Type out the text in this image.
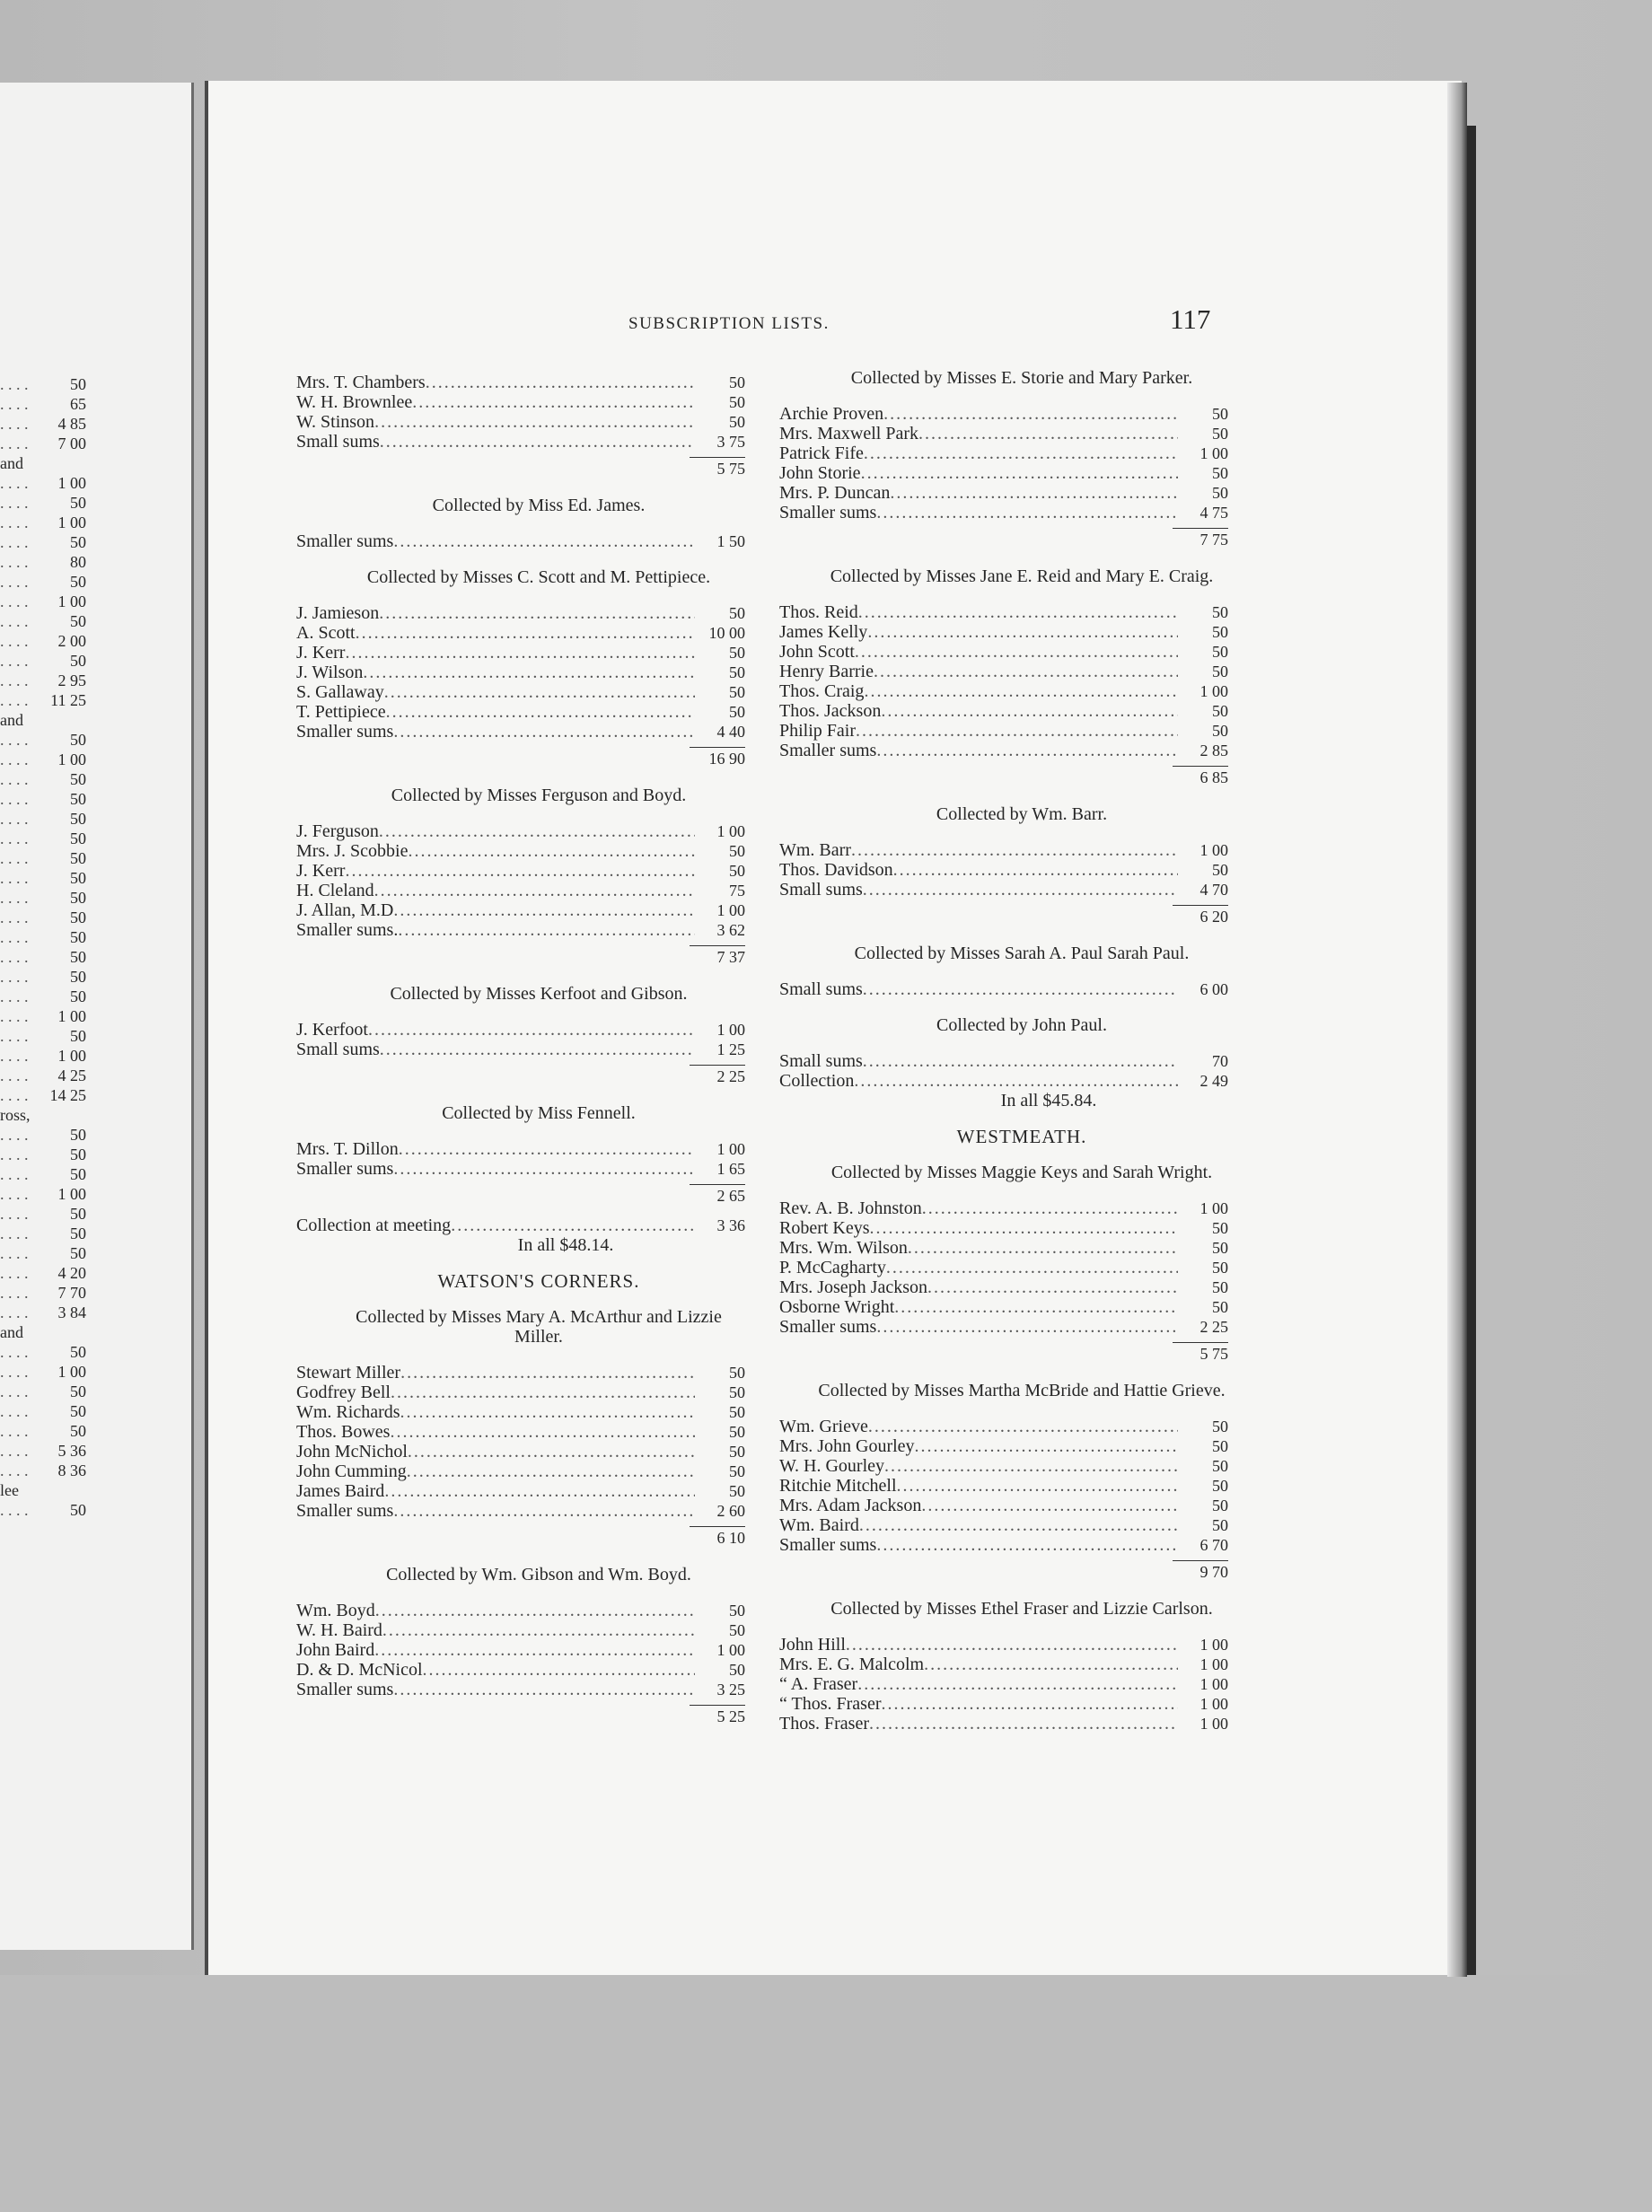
. . . .	50
. . . .	65
. . . .	4 85
. . . .	7 00
and
. . . .	1 00
. . . .	50
. . . .	1 00
. . . .	50
. . . .	80
. . . .	50
. . . .	1 00
. . . .	50
. . . .	2 00
. . . .	50
. . . .	2 95
. . . .	11 25
and
. . . .	50
. . . .	1 00
. . . .	50
. . . .	50
. . . .	50
. . . .	50
. . . .	50
. . . .	50
. . . .	50
. . . .	50
. . . .	50
. . . .	50
. . . .	50
. . . .	50
. . . .	1 00
. . . .	50
. . . .	1 00
. . . .	4 25
. . . .	14 25
ross,
. . . .	50
. . . .	50
. . . .	50
. . . .	1 00
. . . .	50
. . . .	50
. . . .	50
. . . .	4 20
. . . .	7 70
. . . .	3 84
and
. . . .	50
. . . .	1 00
. . . .	50
. . . .	50
. . . .	50
. . . .	5 36
. . . .	8 36
lee
. . . .	50
SUBSCRIPTION LISTS.	117
Mrs. T. Chambers .....	50
W. H. Brownlee .....	50
W. Stinson .....	50
Small sums .....	3 75
5 75
Collected by Miss Ed. James.
Smaller sums .....	1 50
Collected by Misses C. Scott and M. Pettipiece.
J. Jamieson .....	50
A. Scott .....	10 00
J. Kerr .....	50
J. Wilson .....	50
S. Gallaway .....	50
T. Pettipiece .....	50
Smaller sums .....	4 40
16 90
Collected by Misses Ferguson and Boyd.
J. Ferguson .....	1 00
Mrs. J. Scobbie .....	50
J. Kerr .....	50
H. Cleland .....	75
J. Allan, M.D .....	1 00
Smaller sums. .....	3 62
7 37
Collected by Misses Kerfoot and Gibson.
J. Kerfoot .....	1 00
Small sums .....	1 25
2 25
Collected by Miss Fennell.
Mrs. T. Dillon .....	1 00
Smaller sums .....	1 65
2 65
Collection at meeting .....	3 36
In all $48.14.
WATSON'S CORNERS.
Collected by Misses Mary A. McArthur and Lizzie Miller.
Stewart Miller .....	50
Godfrey Bell .....	50
Wm. Richards .....	50
Thos. Bowes .....	50
John McNichol .....	50
John Cumming .....	50
James Baird .....	50
Smaller sums .....	2 60
6 10
Collected by Wm. Gibson and Wm. Boyd.
Wm. Boyd .....	50
W. H. Baird .....	50
John Baird .....	1 00
D. & D. McNicol .....	50
Smaller sums .....	3 25
5 25
Collected by Misses E. Storie and Mary Parker.
Archie Proven .....	50
Mrs. Maxwell Park .....	50
Patrick Fife .....	1 00
John Storie .....	50
Mrs. P. Duncan .....	50
Smaller sums .....	4 75
7 75
Collected by Misses Jane E. Reid and Mary E. Craig.
Thos. Reid .....	50
James Kelly .....	50
John Scott .....	50
Henry Barrie .....	50
Thos. Craig .....	1 00
Thos. Jackson .....	50
Philip Fair .....	50
Smaller sums .....	2 85
6 85
Collected by Wm. Barr.
Wm. Barr .....	1 00
Thos. Davidson .....	50
Small sums .....	4 70
6 20
Collected by Misses Sarah A. Paul Sarah Paul.
Small sums .....	6 00
Collected by John Paul.
Small sums .....	70
Collection .....	2 49
In all $45.84.
WESTMEATH.
Collected by Misses Maggie Keys and Sarah Wright.
Rev. A. B. Johnston .....	1 00
Robert Keys .....	50
Mrs. Wm. Wilson .....	50
P. McCagharty .....	50
Mrs. Joseph Jackson .....	50
Osborne Wright .....	50
Smaller sums .....	2 25
5 75
Collected by Misses Martha McBride and Hattie Grieve.
Wm. Grieve .....	50
Mrs. John Gourley .....	50
W. H. Gourley .....	50
Ritchie Mitchell .....	50
Mrs. Adam Jackson .....	50
Wm. Baird .....	50
Smaller sums .....	6 70
9 70
Collected by Misses Ethel Fraser and Lizzie Carlson.
John Hill .....	1 00
Mrs. E. G. Malcolm .....	1 00
“ A. Fraser .....	1 00
“ Thos. Fraser .....	1 00
Thos. Fraser .....	1 00
